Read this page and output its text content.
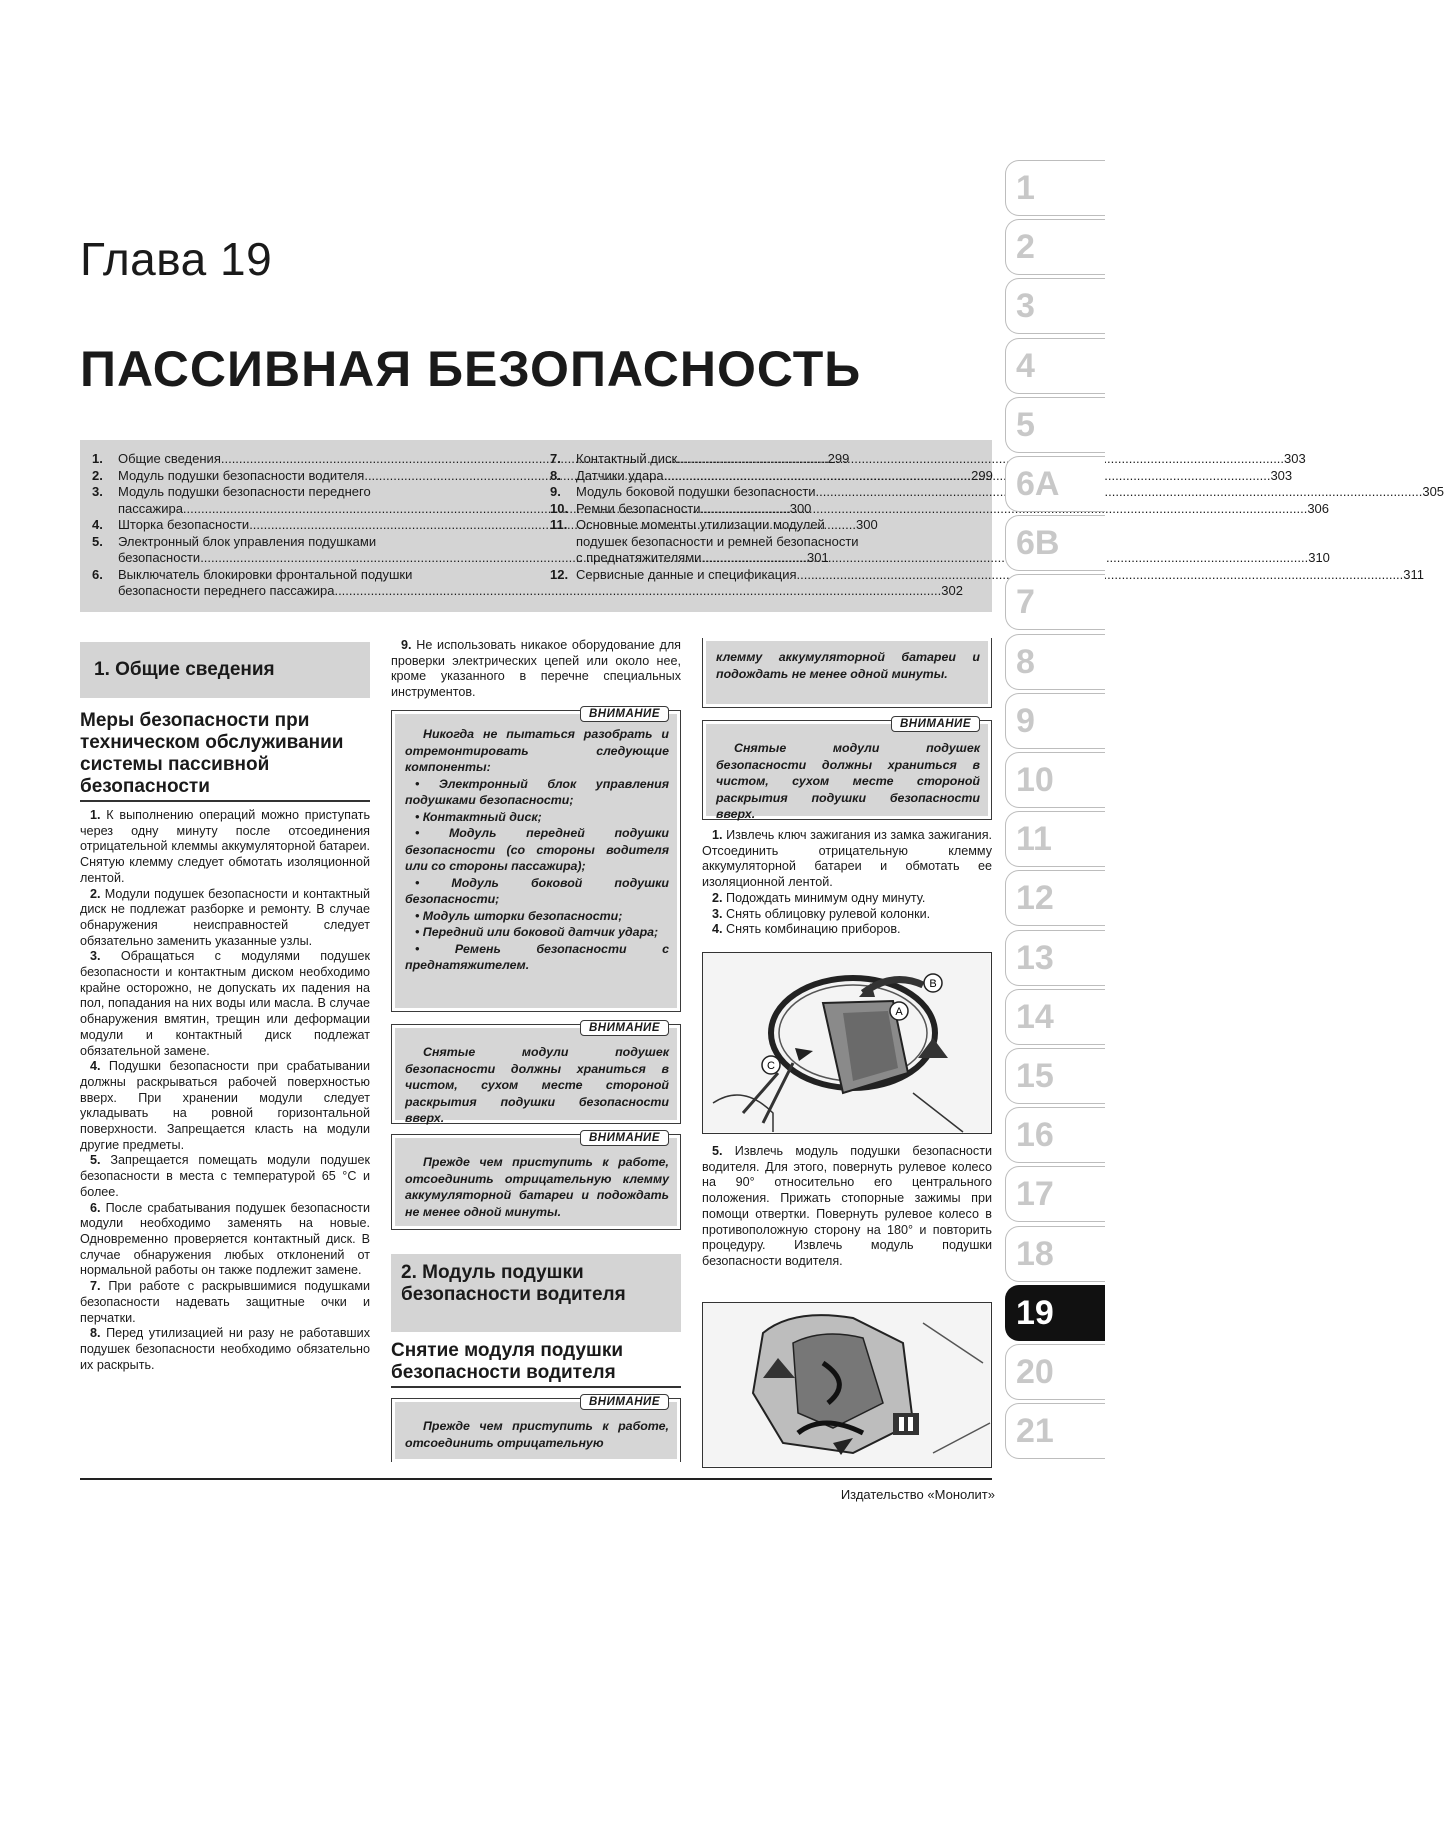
Глава 19
ПАССИВНАЯ БЕЗОПАСНОСТЬ
1.	Общие сведения .....	299
2.	Модуль подушки безопасности водителя .....	299
3.	Модуль подушки безопасности переднего
пассажира .....	300
4.	Шторка безопасности .....	300
5.	Электронный блок управления подушками
безопасности .....	301
6.	Выключатель блокировки фронтальной подушки
безопасности переднего пассажира .....	302
7.	Контактный диск .....	303
8.	Датчики удара .....	303
9.	Модуль боковой подушки безопасности .....	305
10. Ремни безопасности .....	306
11. Основные моменты утилизации модулей
подушек безопасности и ремней безопасности
с преднатяжителями .....	310
12. Сервисные данные и спецификация .....	311
1. Общие сведения
Меры безопасности при техническом обслуживании системы пассивной безопасности

1. К выполнению операций можно приступать через одну минуту после отсоединения отрицательной клеммы аккумуляторной батареи. Снятую клемму следует обмотать изоляционной лентой.

2. Модули подушек безопасности и контактный диск не подлежат разборке и ремонту. В случае обнаружения неисправностей следует обязательно заменить указанные узлы.

3. Обращаться с модулями подушек безопасности и контактным диском необходимо крайне осторожно, не допускать их падения на пол, попадания на них воды или масла. В случае обнаружения вмятин, трещин или деформации модули и контактный диск подлежат обязательной замене.

4. Подушки безопасности при срабатывании должны раскрываться рабочей поверхностью вверх. При хранении модули следует укладывать на ровной горизонтальной поверхности. Запрещается класть на модули другие предметы.

5. Запрещается помещать модули подушек безопасности в места с температурой 65 °С и более.

6. После срабатывания подушек безопасности модули необходимо заменять на новые. Одновременно проверяется контактный диск. В случае обнаружения любых отклонений от нормальной работы он также подлежит замене.

7. При работе с раскрывшимися подушками безопасности надевать защитные очки и перчатки.

8. Перед утилизацией ни разу не работавших подушек безопасности необходимо обязательно их раскрыть.

9. Не использовать никакое оборудование для проверки электрических цепей или около нее, кроме указанного в перечне специальных инструментов.

ВНИМАНИЕ
Никогда не пытаться разобрать и отремонтировать следующие компоненты:
• Электронный блок управления подушками безопасности;
• Контактный диск;
• Модуль передней подушки безопасности (со стороны водителя или со стороны пассажира);
• Модуль боковой подушки безопасности;
• Модуль шторки безопасности;
• Передний или боковой датчик удара;
• Ремень безопасности с преднатяжителем.
ВНИМАНИЕ
Снятые модули подушек безопасности должны храниться в чистом, сухом месте стороной раскрытия подушки безопасности вверх.
ВНИМАНИЕ
Прежде чем приступить к работе, отсоединить отрицательную клемму аккумуляторной батареи и подождать не менее одной минуты.
2. Модуль подушки безопасности водителя
Снятие модуля подушки безопасности водителя
ВНИМАНИЕ
Прежде чем приступить к работе, отсоединить отрицательную
клемму аккумуляторной батареи и подождать не менее одной минуты.
ВНИМАНИЕ
Снятые модули подушек безопасности должны храниться в чистом, сухом месте стороной раскрытия подушки безопасности вверх.

1. Извлечь ключ зажигания из замка зажигания. Отсоединить отрицательную клемму аккумуляторной батареи и обмотать ее изоляционной лентой.

2. Подождать минимум одну минуту.

3. Снять облицовку рулевой колонки.

4. Снять комбинацию приборов.

A
B
C

5. Извлечь модуль подушки безопасности водителя. Для этого, повернуть рулевое колесо на 90° относительно его центрального положения. Прижать стопорные зажимы при помощи отвертки. Повернуть рулевое колесо в противоположную сторону на 180° и повторить процедуру. Извлечь модуль подушки безопасности водителя.

1
2
3
4
5
6A
6B
7
8
9
10
11
12
13
14
15
16
17
18
19
20
21
Издательство «Монолит»
